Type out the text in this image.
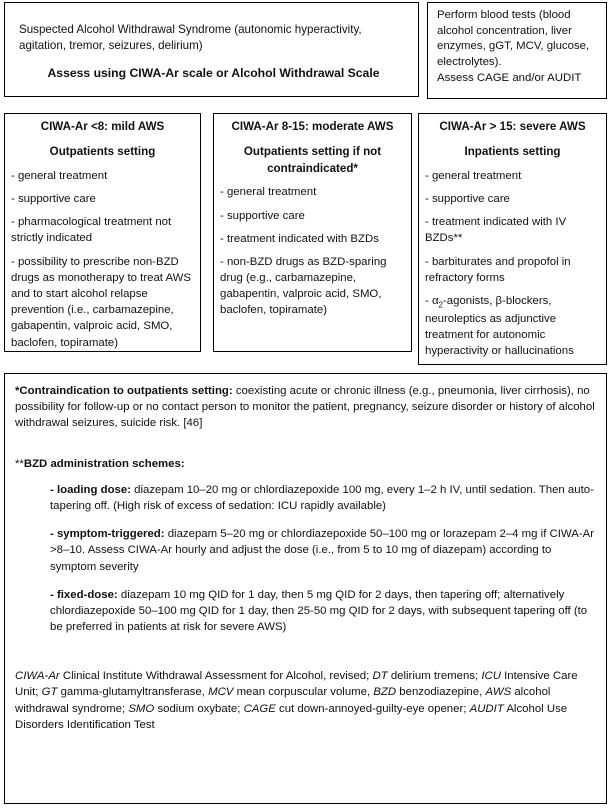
Suspected Alcohol Withdrawal Syndrome (autonomic hyperactivity, agitation, tremor, seizures, delirium)

Assess using CIWA-Ar scale or Alcohol Withdrawal Scale

Perform blood tests (blood alcohol concentration, liver enzymes, gGT, MCV, glucose, electrolytes).

Assess CAGE and/or AUDIT

CIWA-Ar <8: mild AWS

Outpatients setting

- general treatment

- supportive care

- pharmacological treatment not strictly indicated

- possibility to prescribe non-BZD drugs as monotherapy to treat AWS and to start alcohol relapse prevention (i.e., carbamazepine, gabapentin, valproic acid, SMO, baclofen, topiramate)

CIWA-Ar 8-15: moderate AWS

Outpatients setting if not contraindicated*

- general treatment

- supportive care

- treatment indicated with BZDs

- non-BZD drugs as BZD-sparing drug (e.g., carbamazepine, gabapentin, valproic acid, SMO, baclofen, topiramate)

CIWA-Ar > 15: severe AWS

Inpatients setting

- general treatment

- supportive care

- treatment indicated with IV BZDs**

- barbiturates and propofol in refractory forms

- $\alpha_2$-agonists, β-blockers, neuroleptics as adjunctive treatment for autonomic hyperactivity or hallucinations

*Contraindication to outpatients setting: coexisting acute or chronic illness (e.g., pneumonia, liver cirrhosis), no possibility for follow-up or no contact person to monitor the patient, pregnancy, seizure disorder or history of alcohol withdrawal seizures, suicide risk. [46]

**BZD administration schemes:

- loading dose: diazepam 10–20 mg or chlordiazepoxide 100 mg, every 1–2 h IV, until sedation. Then auto-tapering off. (High risk of excess of sedation: ICU rapidly available)

- symptom-triggered: diazepam 5–20 mg or chlordiazepoxide 50–100 mg or lorazepam 2–4 mg if CIWA-Ar >8–10. Assess CIWA-Ar hourly and adjust the dose (i.e., from 5 to 10 mg of diazepam) according to symptom severity

- fixed-dose: diazepam 10 mg QID for 1 day, then 5 mg QID for 2 days, then tapering off; alternatively chlordiazepoxide 50–100 mg QID for 1 day, then 25-50 mg QID for 2 days, with subsequent tapering off (to be preferred in patients at risk for severe AWS)

CIWA-Ar Clinical Institute Withdrawal Assessment for Alcohol, revised; DT delirium tremens; ICU Intensive Care Unit; GT gamma-glutamyltransferase, MCV mean corpuscular volume, BZD benzodiazepine, AWS alcohol withdrawal syndrome; SMO sodium oxybate; CAGE cut down-annoyed-guilty-eye opener; AUDIT Alcohol Use Disorders Identification Test
